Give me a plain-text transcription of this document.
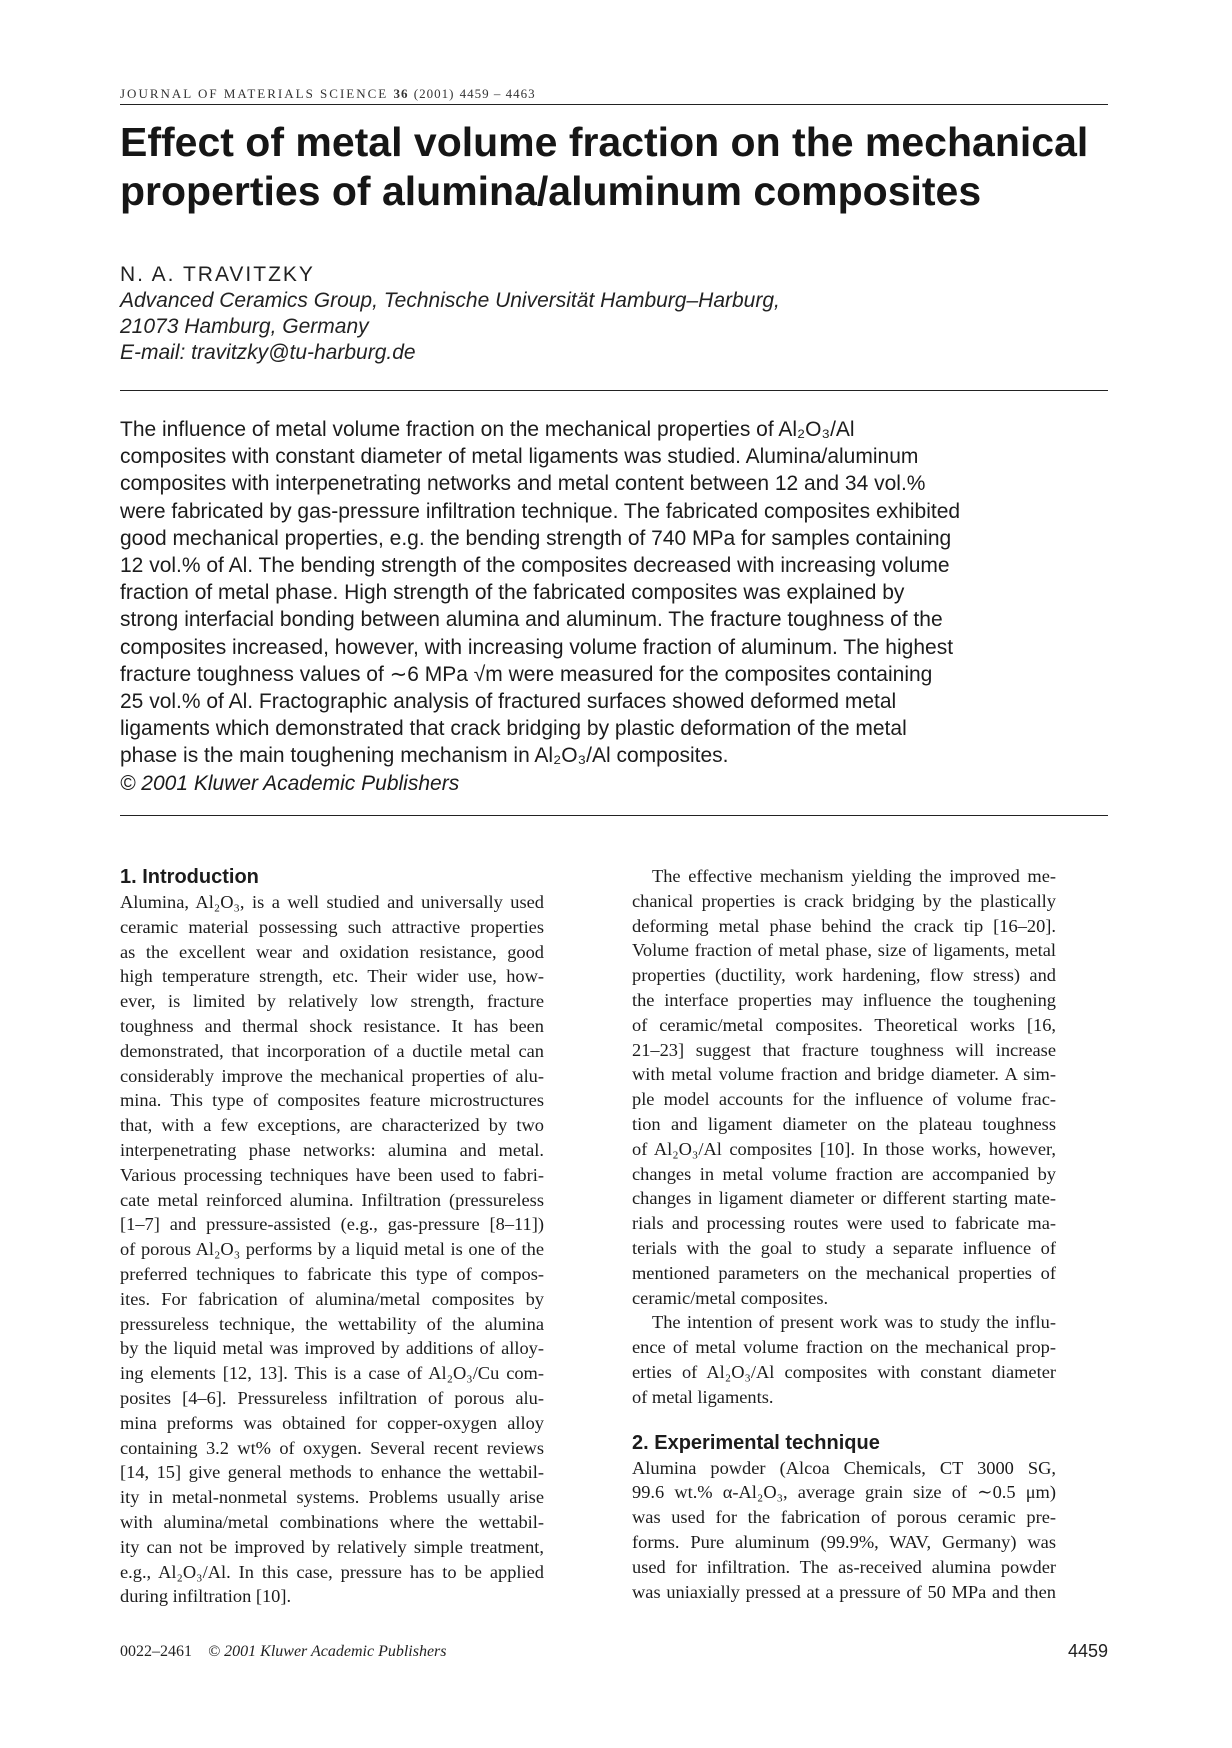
JOURNAL OF MATERIALS SCIENCE 36 (2001) 4459 – 4463
Effect of metal volume fraction on the mechanical
properties of alumina/aluminum composites
N. A. TRAVITZKY
Advanced Ceramics Group, Technische Universität Hamburg–Harburg,
21073 Hamburg, Germany
E-mail: travitzky@tu-harburg.de
The influence of metal volume fraction on the mechanical properties of Al₂O₃/Al
composites with constant diameter of metal ligaments was studied. Alumina/aluminum
composites with interpenetrating networks and metal content between 12 and 34 vol.%
were fabricated by gas-pressure infiltration technique. The fabricated composites exhibited
good mechanical properties, e.g. the bending strength of 740 MPa for samples containing
12 vol.% of Al. The bending strength of the composites decreased with increasing volume
fraction of metal phase. High strength of the fabricated composites was explained by
strong interfacial bonding between alumina and aluminum. The fracture toughness of the
composites increased, however, with increasing volume fraction of aluminum. The highest
fracture toughness values of ∼6 MPa √m were measured for the composites containing
25 vol.% of Al. Fractographic analysis of fractured surfaces showed deformed metal
ligaments which demonstrated that crack bridging by plastic deformation of the metal
phase is the main toughening mechanism in Al₂O₃/Al composites.
© 2001 Kluwer Academic Publishers
1. Introduction
Alumina, Al₂O₃, is a well studied and universally used
ceramic material possessing such attractive properties
as the excellent wear and oxidation resistance, good
high temperature strength, etc. Their wider use, how-
ever, is limited by relatively low strength, fracture
toughness and thermal shock resistance. It has been
demonstrated, that incorporation of a ductile metal can
considerably improve the mechanical properties of alu-
mina. This type of composites feature microstructures
that, with a few exceptions, are characterized by two
interpenetrating phase networks: alumina and metal.
Various processing techniques have been used to fabri-
cate metal reinforced alumina. Infiltration (pressureless
[1–7] and pressure-assisted (e.g., gas-pressure [8–11])
of porous Al₂O₃ performs by a liquid metal is one of the
preferred techniques to fabricate this type of compos-
ites. For fabrication of alumina/metal composites by
pressureless technique, the wettability of the alumina
by the liquid metal was improved by additions of alloy-
ing elements [12, 13]. This is a case of Al₂O₃/Cu com-
posites [4–6]. Pressureless infiltration of porous alu-
mina preforms was obtained for copper-oxygen alloy
containing 3.2 wt% of oxygen. Several recent reviews
[14, 15] give general methods to enhance the wettabil-
ity in metal-nonmetal systems. Problems usually arise
with alumina/metal combinations where the wettabil-
ity can not be improved by relatively simple treatment,
e.g., Al₂O₃/Al. In this case, pressure has to be applied
during infiltration [10].
The effective mechanism yielding the improved me-
chanical properties is crack bridging by the plastically
deforming metal phase behind the crack tip [16–20].
Volume fraction of metal phase, size of ligaments, metal
properties (ductility, work hardening, flow stress) and
the interface properties may influence the toughening
of ceramic/metal composites. Theoretical works [16,
21–23] suggest that fracture toughness will increase
with metal volume fraction and bridge diameter. A sim-
ple model accounts for the influence of volume frac-
tion and ligament diameter on the plateau toughness
of Al₂O₃/Al composites [10]. In those works, however,
changes in metal volume fraction are accompanied by
changes in ligament diameter or different starting mate-
rials and processing routes were used to fabricate ma-
terials with the goal to study a separate influence of
mentioned parameters on the mechanical properties of
ceramic/metal composites.
The intention of present work was to study the influ-
ence of metal volume fraction on the mechanical prop-
erties of Al₂O₃/Al composites with constant diameter
of metal ligaments.
2. Experimental technique
Alumina powder (Alcoa Chemicals, CT 3000 SG,
99.6 wt.% α-Al₂O₃, average grain size of ∼0.5 μm)
was used for the fabrication of porous ceramic pre-
forms. Pure aluminum (99.9%, WAV, Germany) was
used for infiltration. The as-received alumina powder
was uniaxially pressed at a pressure of 50 MPa and then
0022–2461 © 2001 Kluwer Academic Publishers	4459
